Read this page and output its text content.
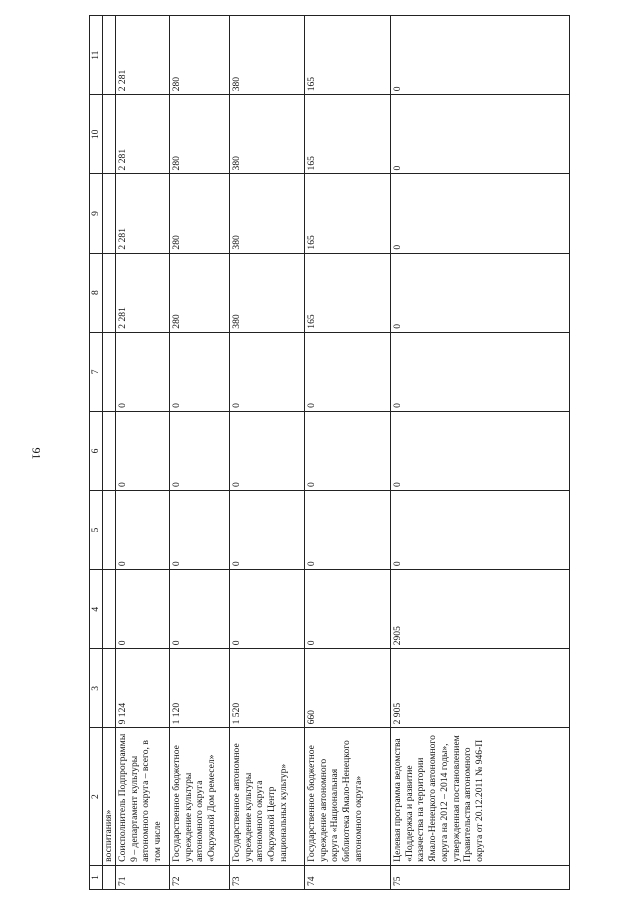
91
1	2	3	4	5	6	7	8	9	10	11
	воспитания»									
71	Соисполнитель Подпрограммы 9 – департамент культуры автономного округа – всего, в том числе	9 124	0	0	0	0	2 281	2 281	2 281	2 281
72	Государственное бюджетное учреждение культуры автономного округа «Окружной Дом ремесел»	1 120	0	0	0	0	280	280	280	280
73	Государственное автономное учреждение культуры автономного округа «Окружной Центр национальных культур»	1 520	0	0	0	0	380	380	380	380
74	Государственное бюджетное учреждение автономного округа «Национальная библиотека Ямало-Ненецкого автономного округа»	660	0	0	0	0	165	165	165	165
75	Целевая программа ведомства «Поддержка и развитие казачества на территории Ямало-Ненецкого автономного округа на 2012 – 2014 годы», утвержденная постановлением Правительства автономного округа от 20.12.2011 № 946-П	2 905	2905	0	0	0	0	0	0	0
